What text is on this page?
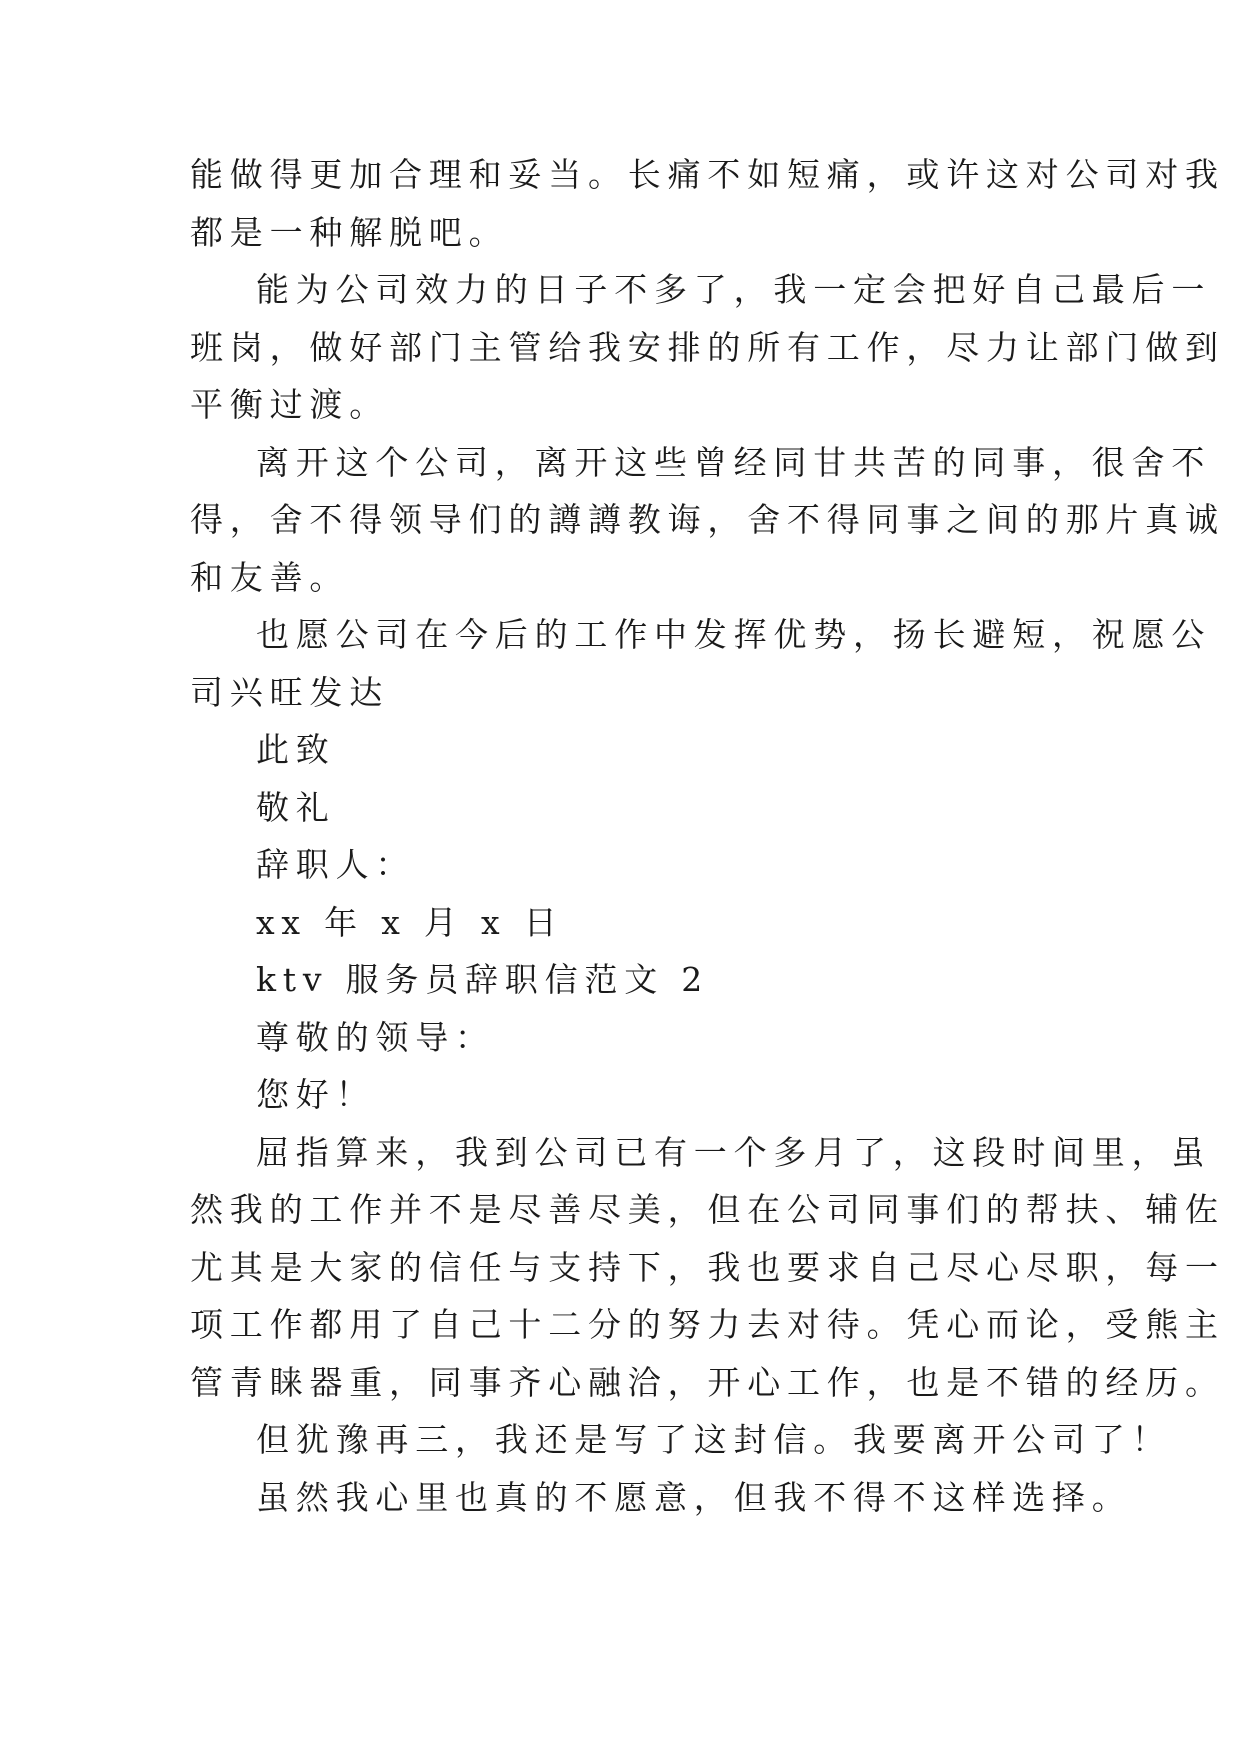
能做得更加合理和妥当。长痛不如短痛，或许这对公司对我
都是一种解脱吧。
能为公司效力的日子不多了，我一定会把好自己最后一
班岗，做好部门主管给我安排的所有工作，尽力让部门做到
平衡过渡。
离开这个公司，离开这些曾经同甘共苦的同事，很舍不
得，舍不得领导们的譐譐教诲，舍不得同事之间的那片真诚
和友善。
也愿公司在今后的工作中发挥优势，扬长避短，祝愿公
司兴旺发达
此致
敬礼
辞职人：
xx 年 x 月 x 日
ktv 服务员辞职信范文 2
尊敬的领导：
您好！
屈指算来，我到公司已有一个多月了，这段时间里，虽
然我的工作并不是尽善尽美，但在公司同事们的帮扶、辅佐
尤其是大家的信任与支持下，我也要求自己尽心尽职，每一
项工作都用了自己十二分的努力去对待。凭心而论，受熊主
管青睐器重，同事齐心融洽，开心工作，也是不错的经历。
但犹豫再三，我还是写了这封信。我要离开公司了！
虽然我心里也真的不愿意，但我不得不这样选择。
